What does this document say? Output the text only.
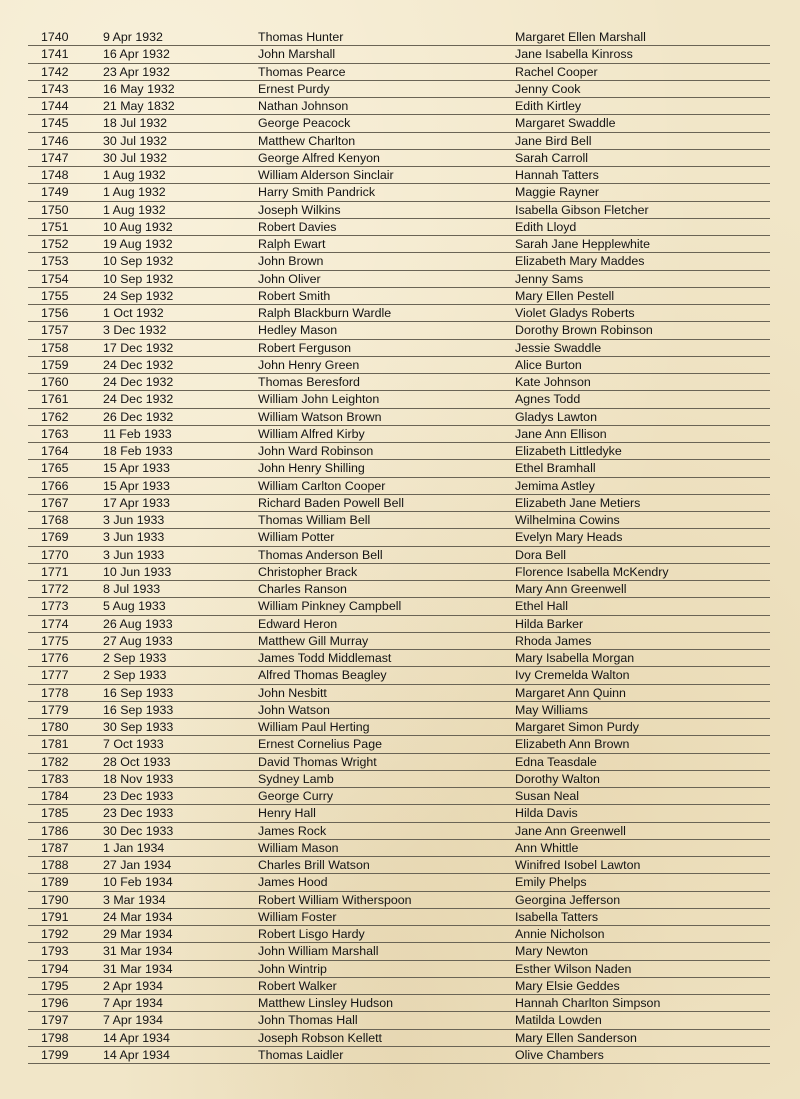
1740	9 Apr 1932	Thomas Hunter	Margaret Ellen Marshall
1741	16 Apr 1932	John Marshall	Jane Isabella Kinross
1742	23 Apr 1932	Thomas Pearce	Rachel Cooper
1743	16 May 1932	Ernest Purdy	Jenny Cook
1744	21 May 1832	Nathan Johnson	Edith Kirtley
1745	18 Jul 1932	George Peacock	Margaret Swaddle
1746	30 Jul 1932	Matthew Charlton	Jane Bird Bell
1747	30 Jul 1932	George Alfred Kenyon	Sarah Carroll
1748	1 Aug 1932	William Alderson Sinclair	Hannah Tatters
1749	1 Aug 1932	Harry Smith Pandrick	Maggie Rayner
1750	1 Aug 1932	Joseph Wilkins	Isabella Gibson Fletcher
1751	10 Aug 1932	Robert Davies	Edith Lloyd
1752	19 Aug 1932	Ralph Ewart	Sarah Jane Hepplewhite
1753	10 Sep 1932	John Brown	Elizabeth Mary Maddes
1754	10 Sep 1932	John Oliver	Jenny Sams
1755	24 Sep 1932	Robert Smith	Mary Ellen Pestell
1756	1 Oct 1932	Ralph Blackburn Wardle	Violet Gladys Roberts
1757	3 Dec 1932	Hedley Mason	Dorothy Brown Robinson
1758	17 Dec 1932	Robert Ferguson	Jessie Swaddle
1759	24 Dec 1932	John Henry Green	Alice Burton
1760	24 Dec 1932	Thomas Beresford	Kate Johnson
1761	24 Dec 1932	William John Leighton	Agnes Todd
1762	26 Dec 1932	William Watson Brown	Gladys Lawton
1763	11 Feb 1933	William Alfred Kirby	Jane Ann Ellison
1764	18 Feb 1933	John Ward Robinson	Elizabeth Littledyke
1765	15 Apr 1933	John Henry Shilling	Ethel Bramhall
1766	15 Apr 1933	William Carlton Cooper	Jemima Astley
1767	17 Apr 1933	Richard Baden Powell Bell	Elizabeth Jane Metiers
1768	3 Jun 1933	Thomas William Bell	Wilhelmina Cowins
1769	3 Jun 1933	William Potter	Evelyn Mary Heads
1770	3 Jun 1933	Thomas Anderson Bell	Dora Bell
1771	10 Jun 1933	Christopher Brack	Florence Isabella McKendry
1772	8 Jul 1933	Charles Ranson	Mary Ann Greenwell
1773	5 Aug 1933	William Pinkney Campbell	Ethel Hall
1774	26 Aug 1933	Edward Heron	Hilda Barker
1775	27 Aug 1933	Matthew Gill Murray	Rhoda James
1776	2 Sep 1933	James Todd Middlemast	Mary Isabella Morgan
1777	2 Sep 1933	Alfred Thomas Beagley	Ivy Cremelda Walton
1778	16 Sep 1933	John Nesbitt	Margaret Ann Quinn
1779	16 Sep 1933	John Watson	May Williams
1780	30 Sep 1933	William Paul Herting	Margaret Simon Purdy
1781	7 Oct 1933	Ernest Cornelius Page	Elizabeth Ann Brown
1782	28 Oct 1933	David Thomas Wright	Edna Teasdale
1783	18 Nov 1933	Sydney Lamb	Dorothy Walton
1784	23 Dec 1933	George Curry	Susan Neal
1785	23 Dec 1933	Henry Hall	Hilda Davis
1786	30 Dec 1933	James Rock	Jane Ann Greenwell
1787	1 Jan 1934	William Mason	Ann Whittle
1788	27 Jan 1934	Charles Brill Watson	Winifred Isobel Lawton
1789	10 Feb 1934	James Hood	Emily Phelps
1790	3 Mar 1934	Robert William Witherspoon	Georgina Jefferson
1791	24 Mar 1934	William Foster	Isabella Tatters
1792	29 Mar 1934	Robert Lisgo Hardy	Annie Nicholson
1793	31 Mar 1934	John William Marshall	Mary Newton
1794	31 Mar 1934	John Wintrip	Esther Wilson Naden
1795	2 Apr 1934	Robert Walker	Mary Elsie Geddes
1796	7 Apr 1934	Matthew Linsley Hudson	Hannah Charlton Simpson
1797	7 Apr 1934	John Thomas Hall	Matilda Lowden
1798	14 Apr 1934	Joseph Robson Kellett	Mary Ellen Sanderson
1799	14 Apr 1934	Thomas Laidler	Olive Chambers
